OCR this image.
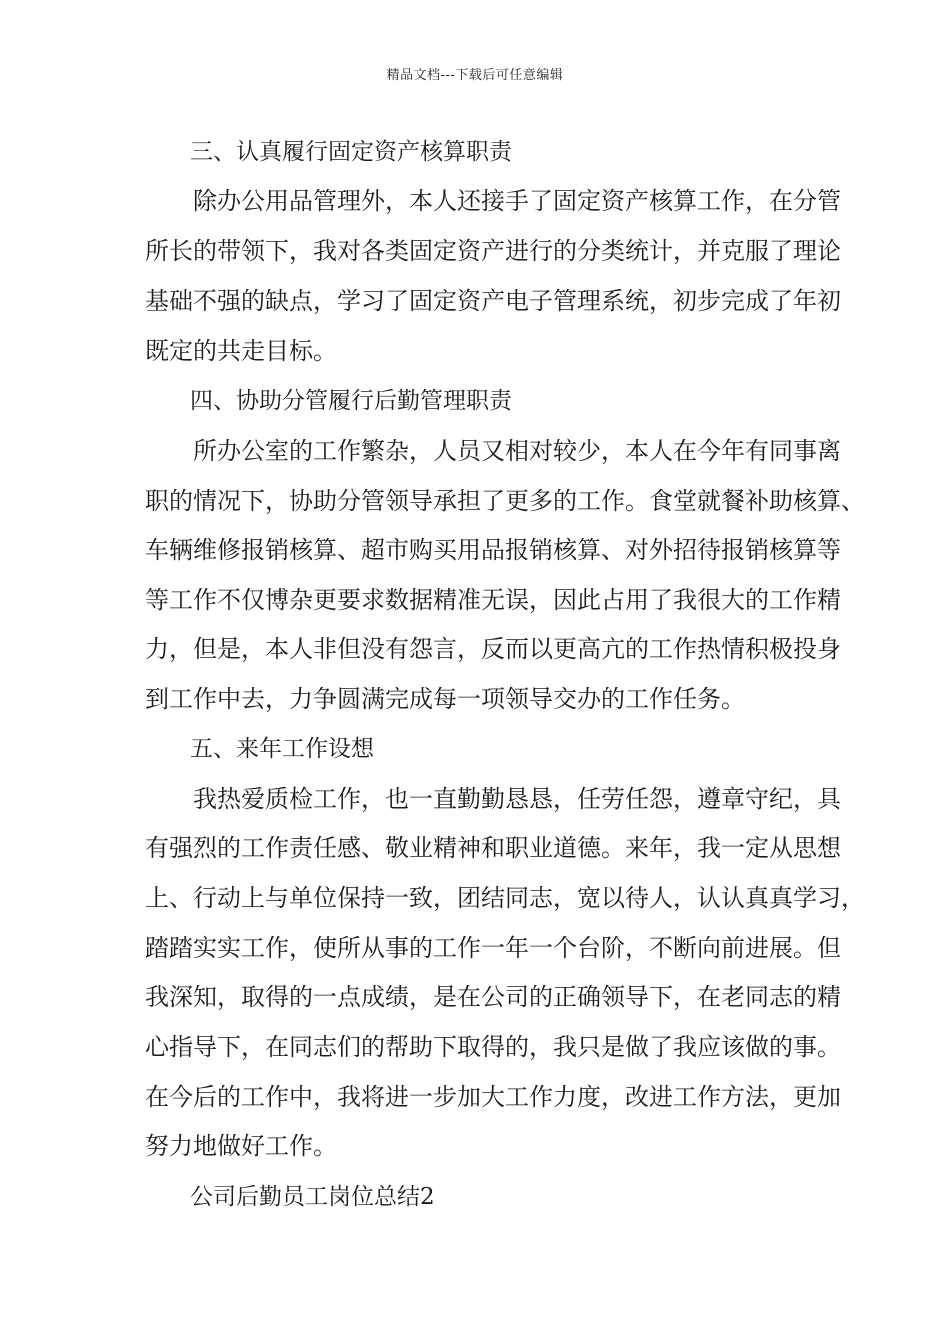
精品文档---下载后可任意编辑
三、认真履行固定资产核算职责
除办公用品管理外，本人还接手了固定资产核算工作，在分管
所长的带领下，我对各类固定资产进行的分类统计，并克服了理论
基础不强的缺点，学习了固定资产电子管理系统，初步完成了年初
既定的共走目标。
四、协助分管履行后勤管理职责
所办公室的工作繁杂，人员又相对较少，本人在今年有同事离
职的情况下，协助分管领导承担了更多的工作。食堂就餐补助核算、
车辆维修报销核算、超市购买用品报销核算、对外招待报销核算等
等工作不仅博杂更要求数据精准无误，因此占用了我很大的工作精
力，但是，本人非但没有怨言，反而以更高亢的工作热情积极投身
到工作中去，力争圆满完成每一项领导交办的工作任务。
五、来年工作设想
我热爱质检工作，也一直勤勤恳恳，任劳任怨，遵章守纪，具
有强烈的工作责任感、敬业精神和职业道德。来年，我一定从思想
上、行动上与单位保持一致，团结同志，宽以待人，认认真真学习，
踏踏实实工作，使所从事的工作一年一个台阶，不断向前进展。但
我深知，取得的一点成绩，是在公司的正确领导下，在老同志的精
心指导下，在同志们的帮助下取得的，我只是做了我应该做的事。
在今后的工作中，我将进一步加大工作力度，改进工作方法，更加
努力地做好工作。
公司后勤员工岗位总结2
